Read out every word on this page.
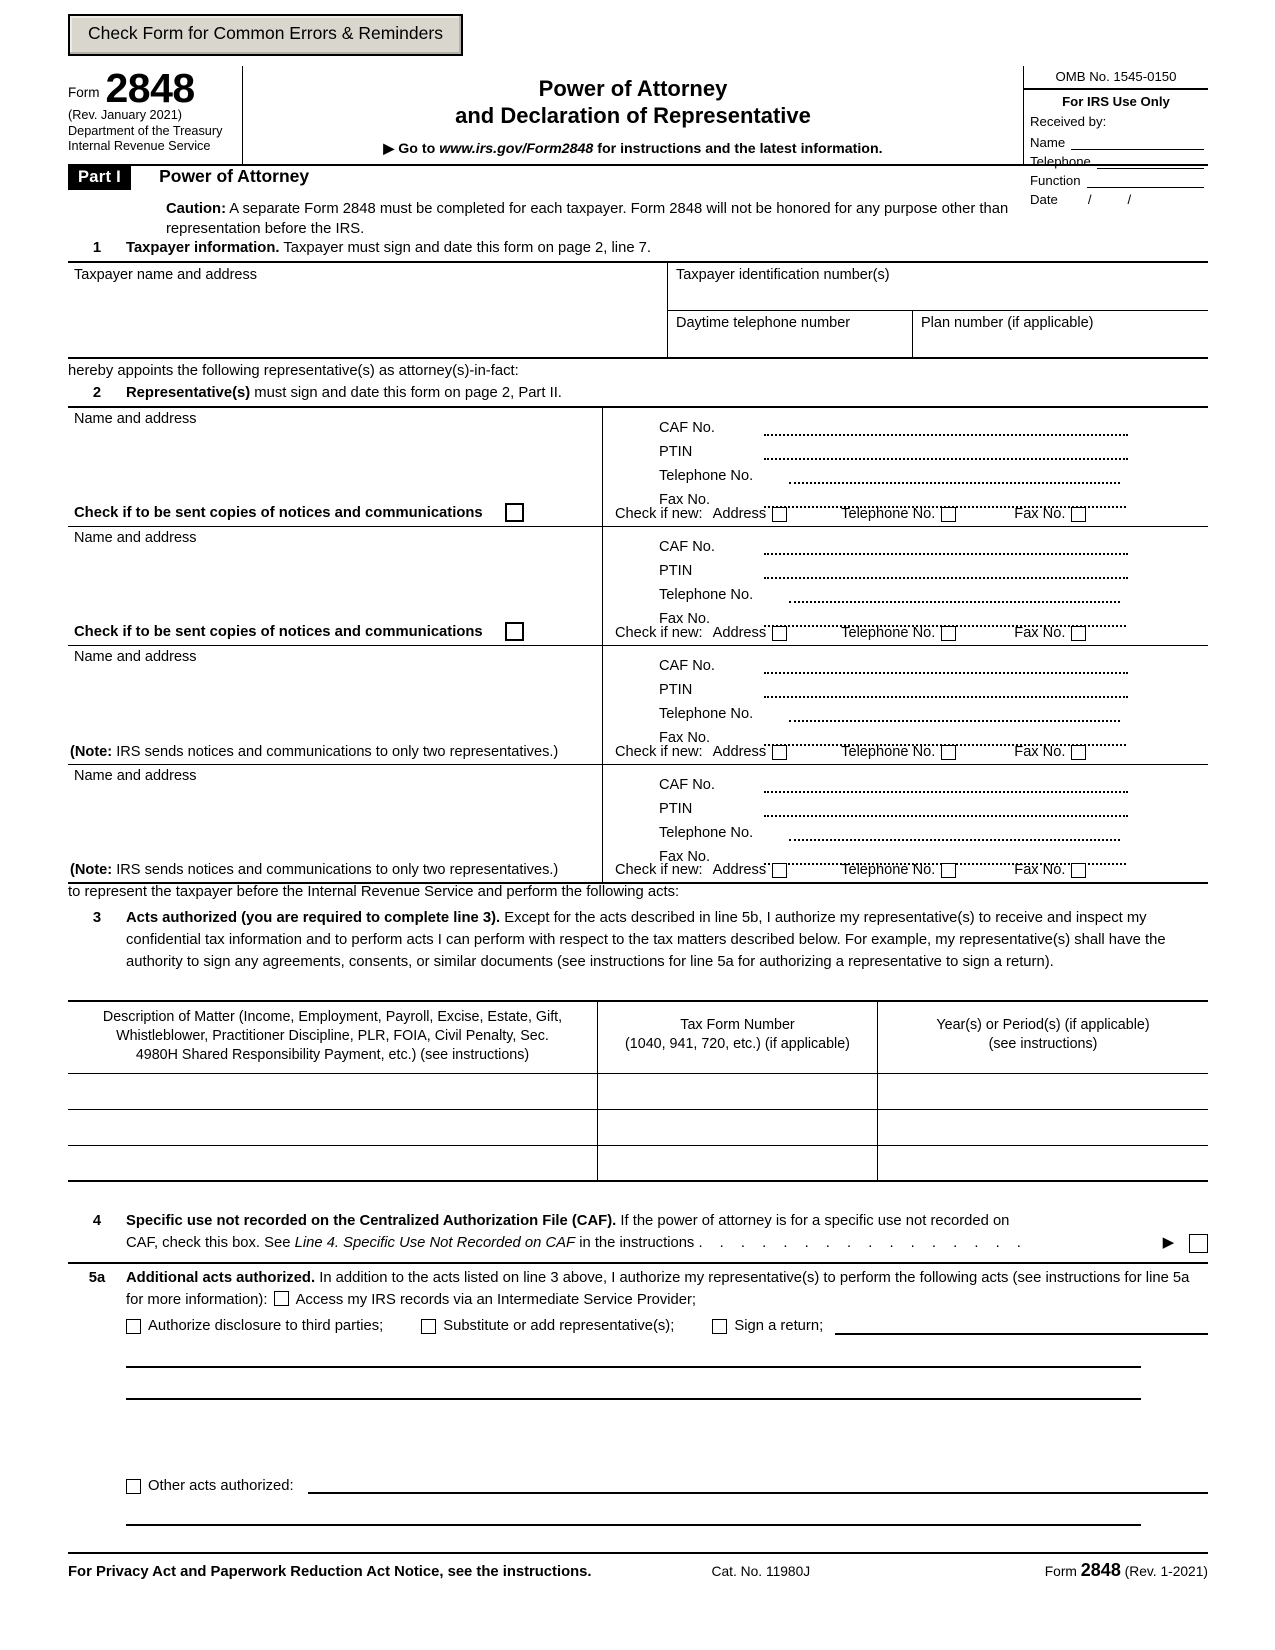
Check Form for Common Errors & Reminders
Form 2848
(Rev. January 2021)
Department of the Treasury
Internal Revenue Service
Power of Attorney
and Declaration of Representative
▶ Go to www.irs.gov/Form2848 for instructions and the latest information.
OMB No. 1545-0150
For IRS Use Only
Received by:
Name
Telephone
Function
Date /	/
Part I	Power of Attorney
Caution: A separate Form 2848 must be completed for each taxpayer. Form 2848 will not be honored for any purpose other than representation before the IRS.
1 Taxpayer information. Taxpayer must sign and date this form on page 2, line 7.
Taxpayer name and address	Taxpayer identification number(s)
Daytime telephone number	Plan number (if applicable)
hereby appoints the following representative(s) as attorney(s)-in-fact:
2 Representative(s) must sign and date this form on page 2, Part II.
Name and address
Check if to be sent copies of notices and communications
CAF No.
PTIN
Telephone No.
Fax No.
Check if new: Address	Telephone No.	Fax No.
Name and address
Check if to be sent copies of notices and communications
CAF No.
PTIN
Telephone No.
Fax No.
Check if new: Address	Telephone No.	Fax No.
Name and address
(Note: IRS sends notices and communications to only two representatives.)
CAF No.
PTIN
Telephone No.
Fax No.
Check if new: Address	Telephone No.	Fax No.
Name and address
(Note: IRS sends notices and communications to only two representatives.)
CAF No.
PTIN
Telephone No.
Fax No.
Check if new: Address	Telephone No.	Fax No.
to represent the taxpayer before the Internal Revenue Service and perform the following acts:
3	Acts authorized (you are required to complete line 3). Except for the acts described in line 5b, I authorize my representative(s) to receive and inspect my confidential tax information and to perform acts I can perform with respect to the tax matters described below. For example, my representative(s) shall have the authority to sign any agreements, consents, or similar documents (see instructions for line 5a for authorizing a representative to sign a return).
Description of Matter (Income, Employment, Payroll, Excise, Estate, Gift,
Whistleblower, Practitioner Discipline, PLR, FOIA, Civil Penalty, Sec.
4980H Shared Responsibility Payment, etc.) (see instructions)
Tax Form Number
(1040, 941, 720, etc.) (if applicable)
Year(s) or Period(s) (if applicable)
(see instructions)
4	Specific use not recorded on the Centralized Authorization File (CAF). If the power of attorney is for a specific use not recorded on
CAF, check this box. See Line 4. Specific Use Not Recorded on CAF in the instructions . . . . . . . . . . . . . . . .	▶
5a	Additional acts authorized. In addition to the acts listed on line 3 above, I authorize my representative(s) to perform the following acts (see instructions for line 5a for more information): Access my IRS records via an Intermediate Service Provider;
Authorize disclosure to third parties;	Substitute or add representative(s);	Sign a return;
Other acts authorized:
For Privacy Act and Paperwork Reduction Act Notice, see the instructions.	Cat. No. 11980J	Form 2848 (Rev. 1-2021)
